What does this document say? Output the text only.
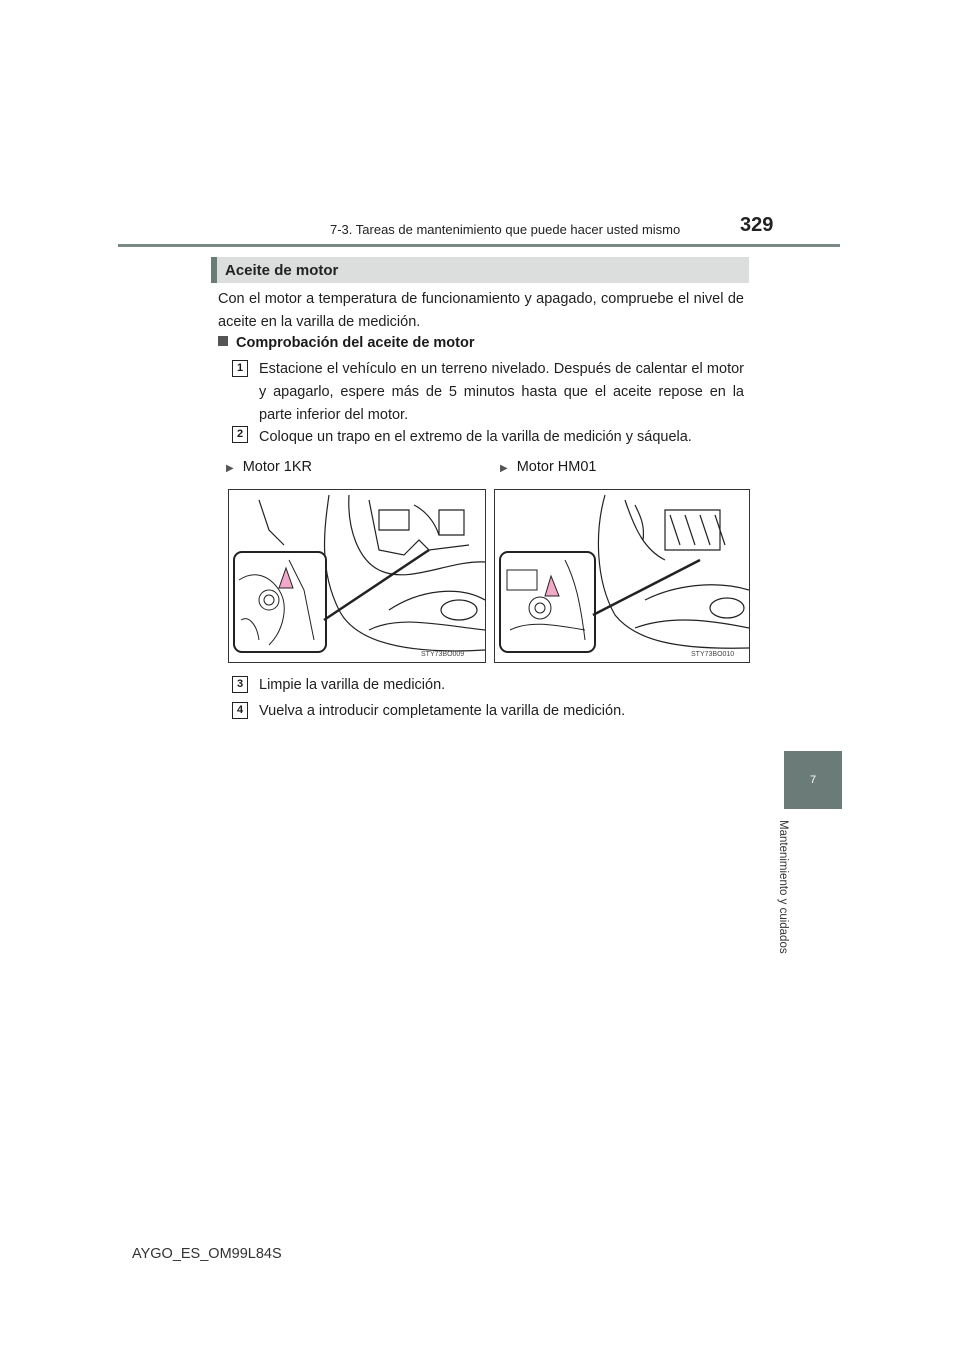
7-3. Tareas de mantenimiento que puede hacer usted mismo	329
Aceite de motor
Con el motor a temperatura de funcionamiento y apagado, compruebe el nivel de aceite en la varilla de medición.
Comprobación del aceite de motor
1	Estacione el vehículo en un terreno nivelado. Después de calentar el motor y apagarlo, espere más de 5 minutos hasta que el aceite repose en la parte inferior del motor.
2	Coloque un trapo en el extremo de la varilla de medición y sáquela.
▶ Motor 1KR	▶ Motor HM01
STY73BO009	STY73BO010
3	Limpie la varilla de medición.
4	Vuelva a introducir completamente la varilla de medición.
7
Mantenimiento y cuidados
AYGO_ES_OM99L84S
